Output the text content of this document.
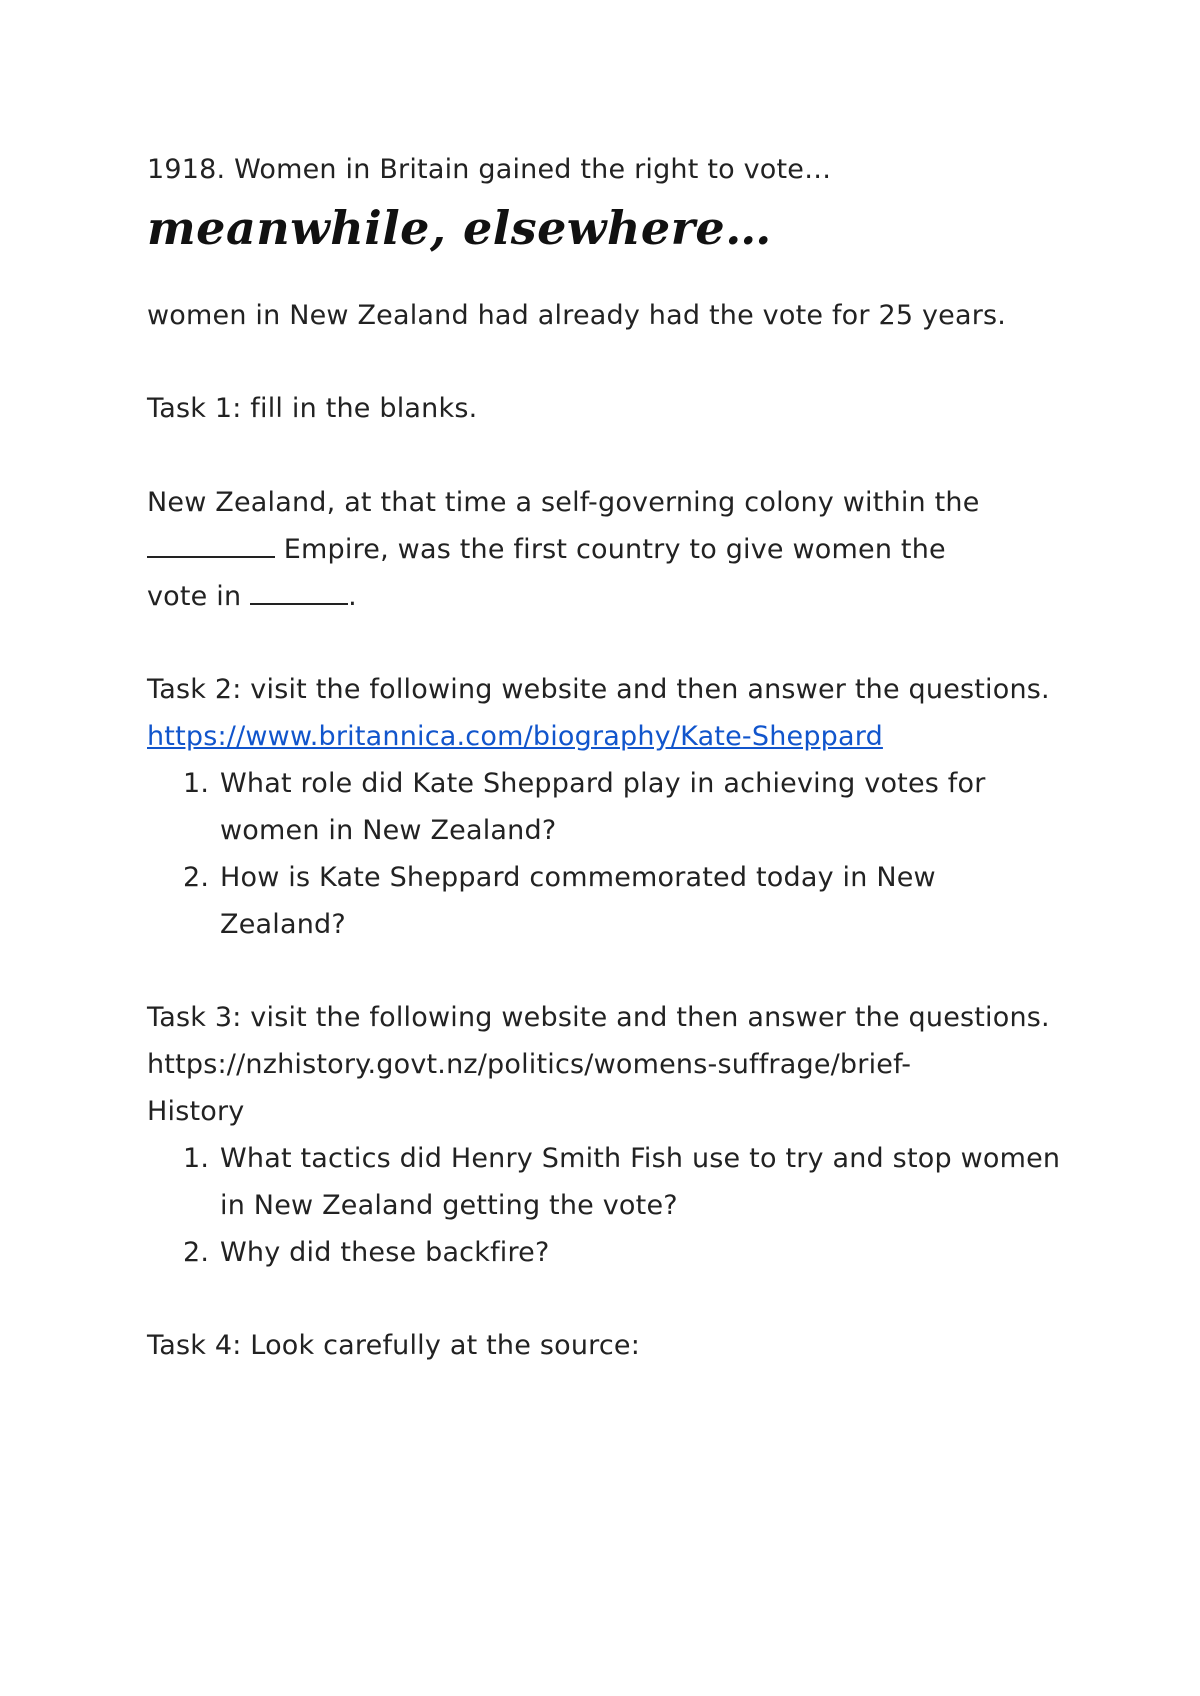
1918. Women in Britain gained the right to vote…
meanwhile, elsewhere…
women in New Zealand had already had the vote for 25 years.
Task 1: fill in the blanks.
New Zealand, at that time a self-governing colony within the
Empire, was the first country to give women the
vote in	.
Task 2: visit the following website and then answer the questions.
https://www.britannica.com/biography/Kate-Sheppard
1. What role did Kate Sheppard play in achieving votes for
women in New Zealand?
2. How is Kate Sheppard commemorated today in New
Zealand?
Task 3: visit the following website and then answer the questions.
https://nzhistory.govt.nz/politics/womens-suffrage/brief-
History
1. What tactics did Henry Smith Fish use to try and stop women
in New Zealand getting the vote?
2. Why did these backfire?
Task 4: Look carefully at the source:
